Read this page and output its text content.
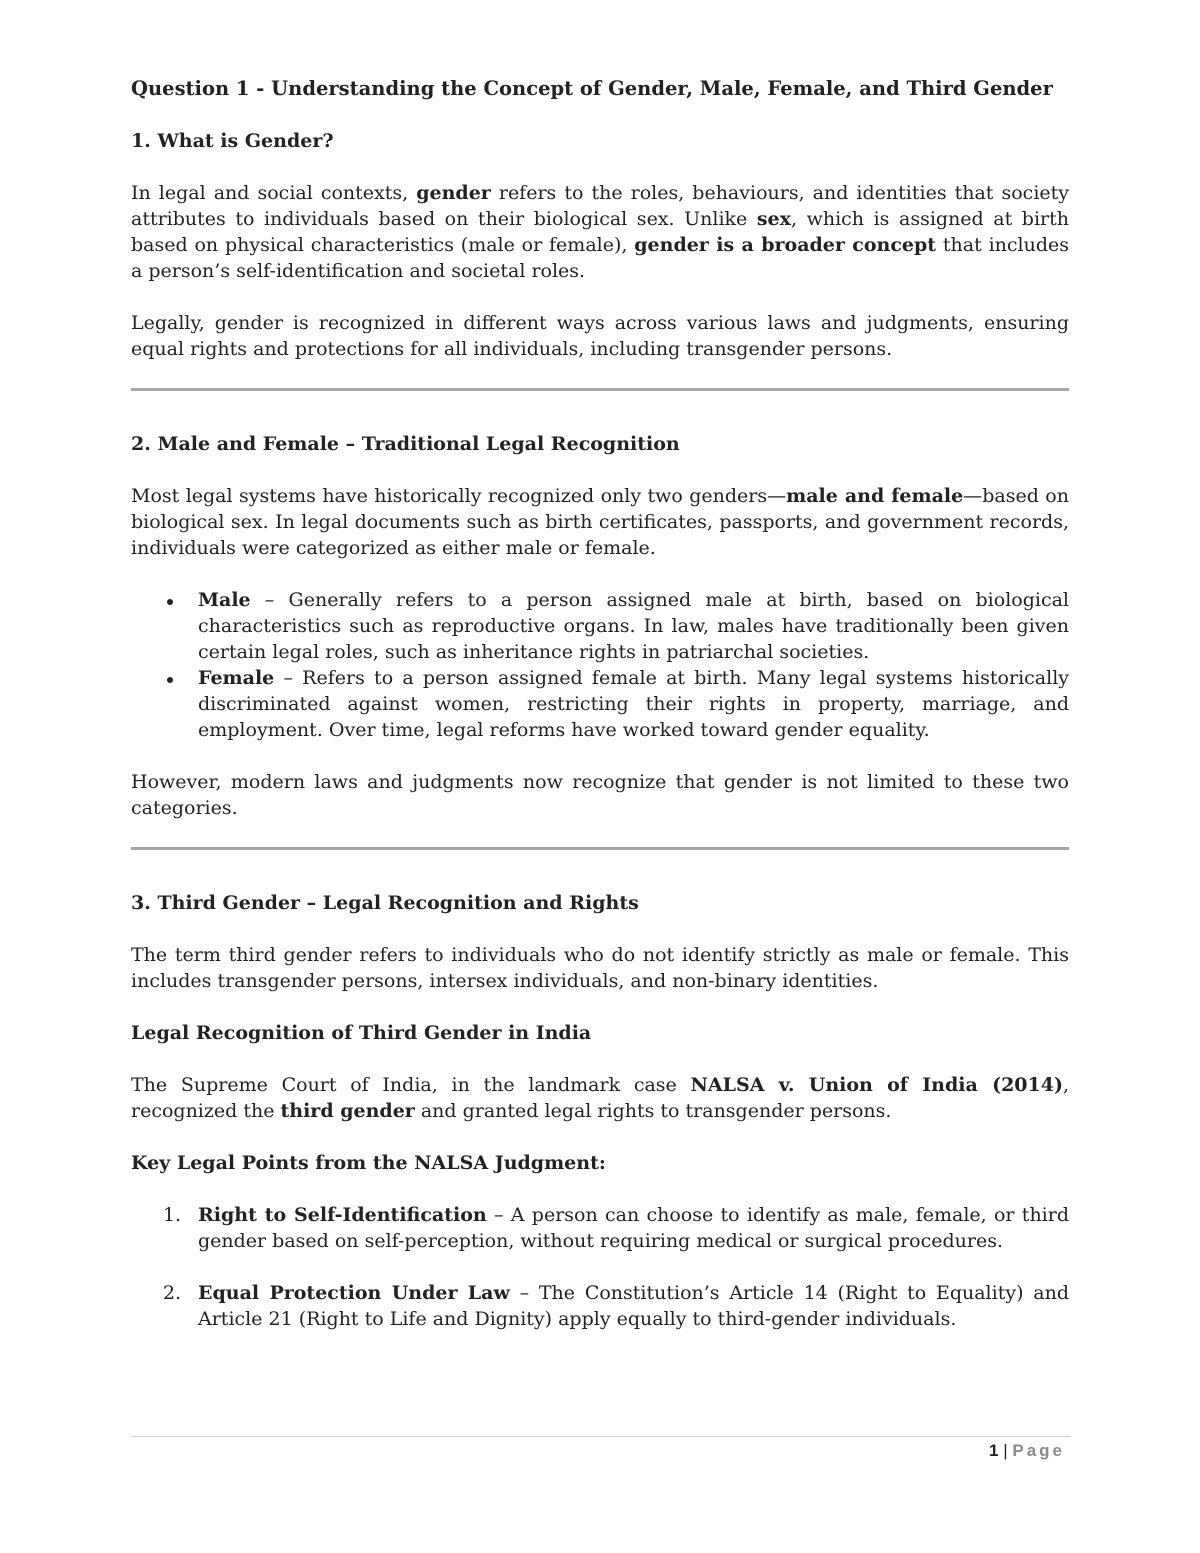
Question 1 - Understanding the Concept of Gender, Male, Female, and Third Gender
1. What is Gender?

In legal and social contexts, gender refers to the roles, behaviours, and identities that society attributes to individuals based on their biological sex. Unlike sex, which is assigned at birth based on physical characteristics (male or female), gender is a broader concept that includes a person’s self-identification and societal roles.

Legally, gender is recognized in different ways across various laws and judgments, ensuring equal rights and protections for all individuals, including transgender persons.

2. Male and Female – Traditional Legal Recognition

Most legal systems have historically recognized only two genders—male and female—based on biological sex. In legal documents such as birth certificates, passports, and government records, individuals were categorized as either male or female.

Male – Generally refers to a person assigned male at birth, based on biological characteristics such as reproductive organs. In law, males have traditionally been given certain legal roles, such as inheritance rights in patriarchal societies.
Female – Refers to a person assigned female at birth. Many legal systems historically discriminated against women, restricting their rights in property, marriage, and employment. Over time, legal reforms have worked toward gender equality.

However, modern laws and judgments now recognize that gender is not limited to these two categories.

3. Third Gender – Legal Recognition and Rights

The term third gender refers to individuals who do not identify strictly as male or female. This includes transgender persons, intersex individuals, and non-binary identities.

Legal Recognition of Third Gender in India

The Supreme Court of India, in the landmark case NALSA v. Union of India (2014), recognized the third gender and granted legal rights to transgender persons.

Key Legal Points from the NALSA Judgment:
1. Right to Self-Identification – A person can choose to identify as male, female, or third gender based on self-perception, without requiring medical or surgical procedures.
2. Equal Protection Under Law – The Constitution’s Article 14 (Right to Equality) and Article 21 (Right to Life and Dignity) apply equally to third-gender individuals.
1 | Page
